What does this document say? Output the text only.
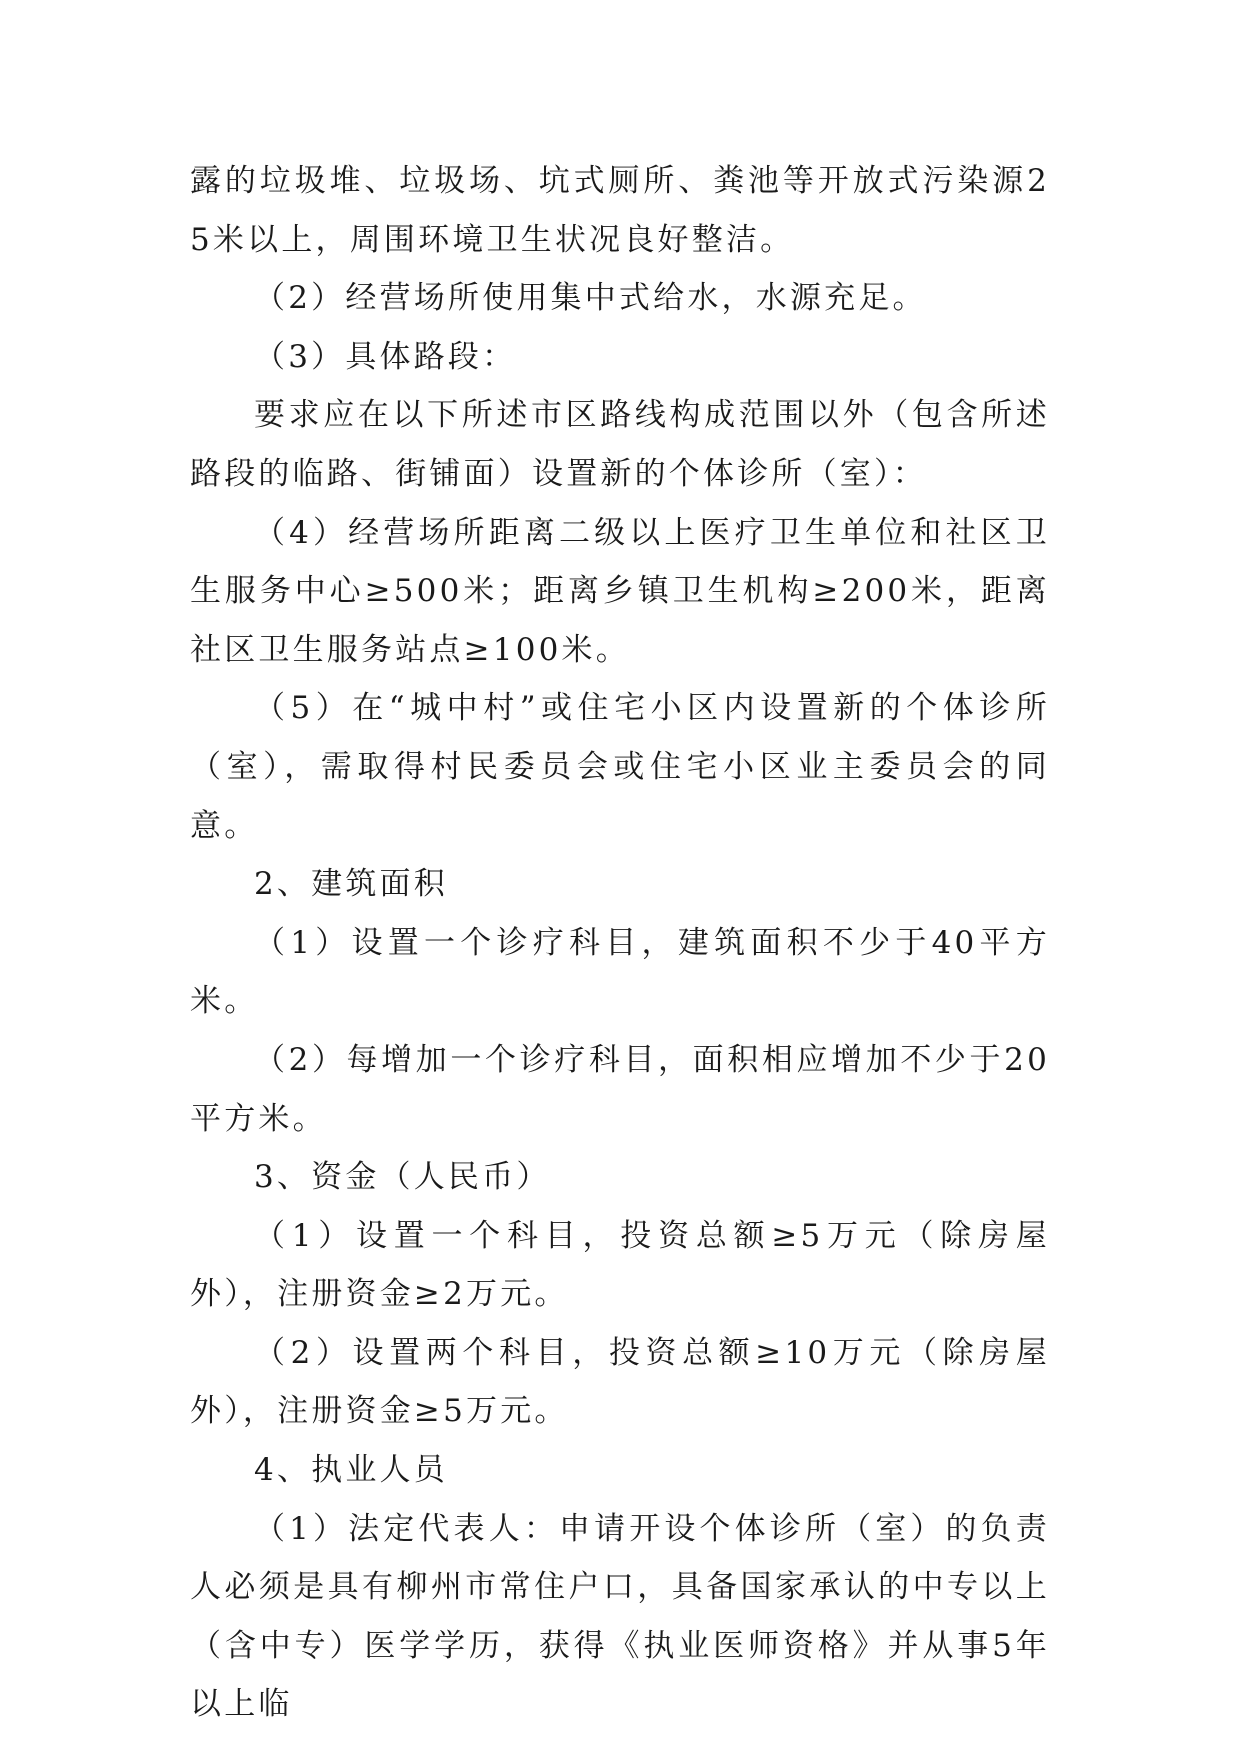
露的垃圾堆、垃圾场、坑式厕所、粪池等开放式污染源25米以上，周围环境卫生状况良好整洁。

（2）经营场所使用集中式给水，水源充足。

（3）具体路段：

要求应在以下所述市区路线构成范围以外（包含所述路段的临路、街铺面）设置新的个体诊所（室）：

（4）经营场所距离二级以上医疗卫生单位和社区卫生服务中心≥500米；距离乡镇卫生机构≥200米，距离社区卫生服务站点≥100米。

（5）在“城中村”或住宅小区内设置新的个体诊所（室），需取得村民委员会或住宅小区业主委员会的同意。

2、建筑面积

（1）设置一个诊疗科目，建筑面积不少于40平方米。

（2）每增加一个诊疗科目，面积相应增加不少于20平方米。

3、资金（人民币）

（1）设置一个科目，投资总额≥5万元（除房屋外），注册资金≥2万元。

（2）设置两个科目，投资总额≥10万元（除房屋外），注册资金≥5万元。

4、执业人员

（1）法定代表人：申请开设个体诊所（室）的负责人必须是具有柳州市常住户口，具备国家承认的中专以上（含中专）医学学历，获得《执业医师资格》并从事5年以上临
